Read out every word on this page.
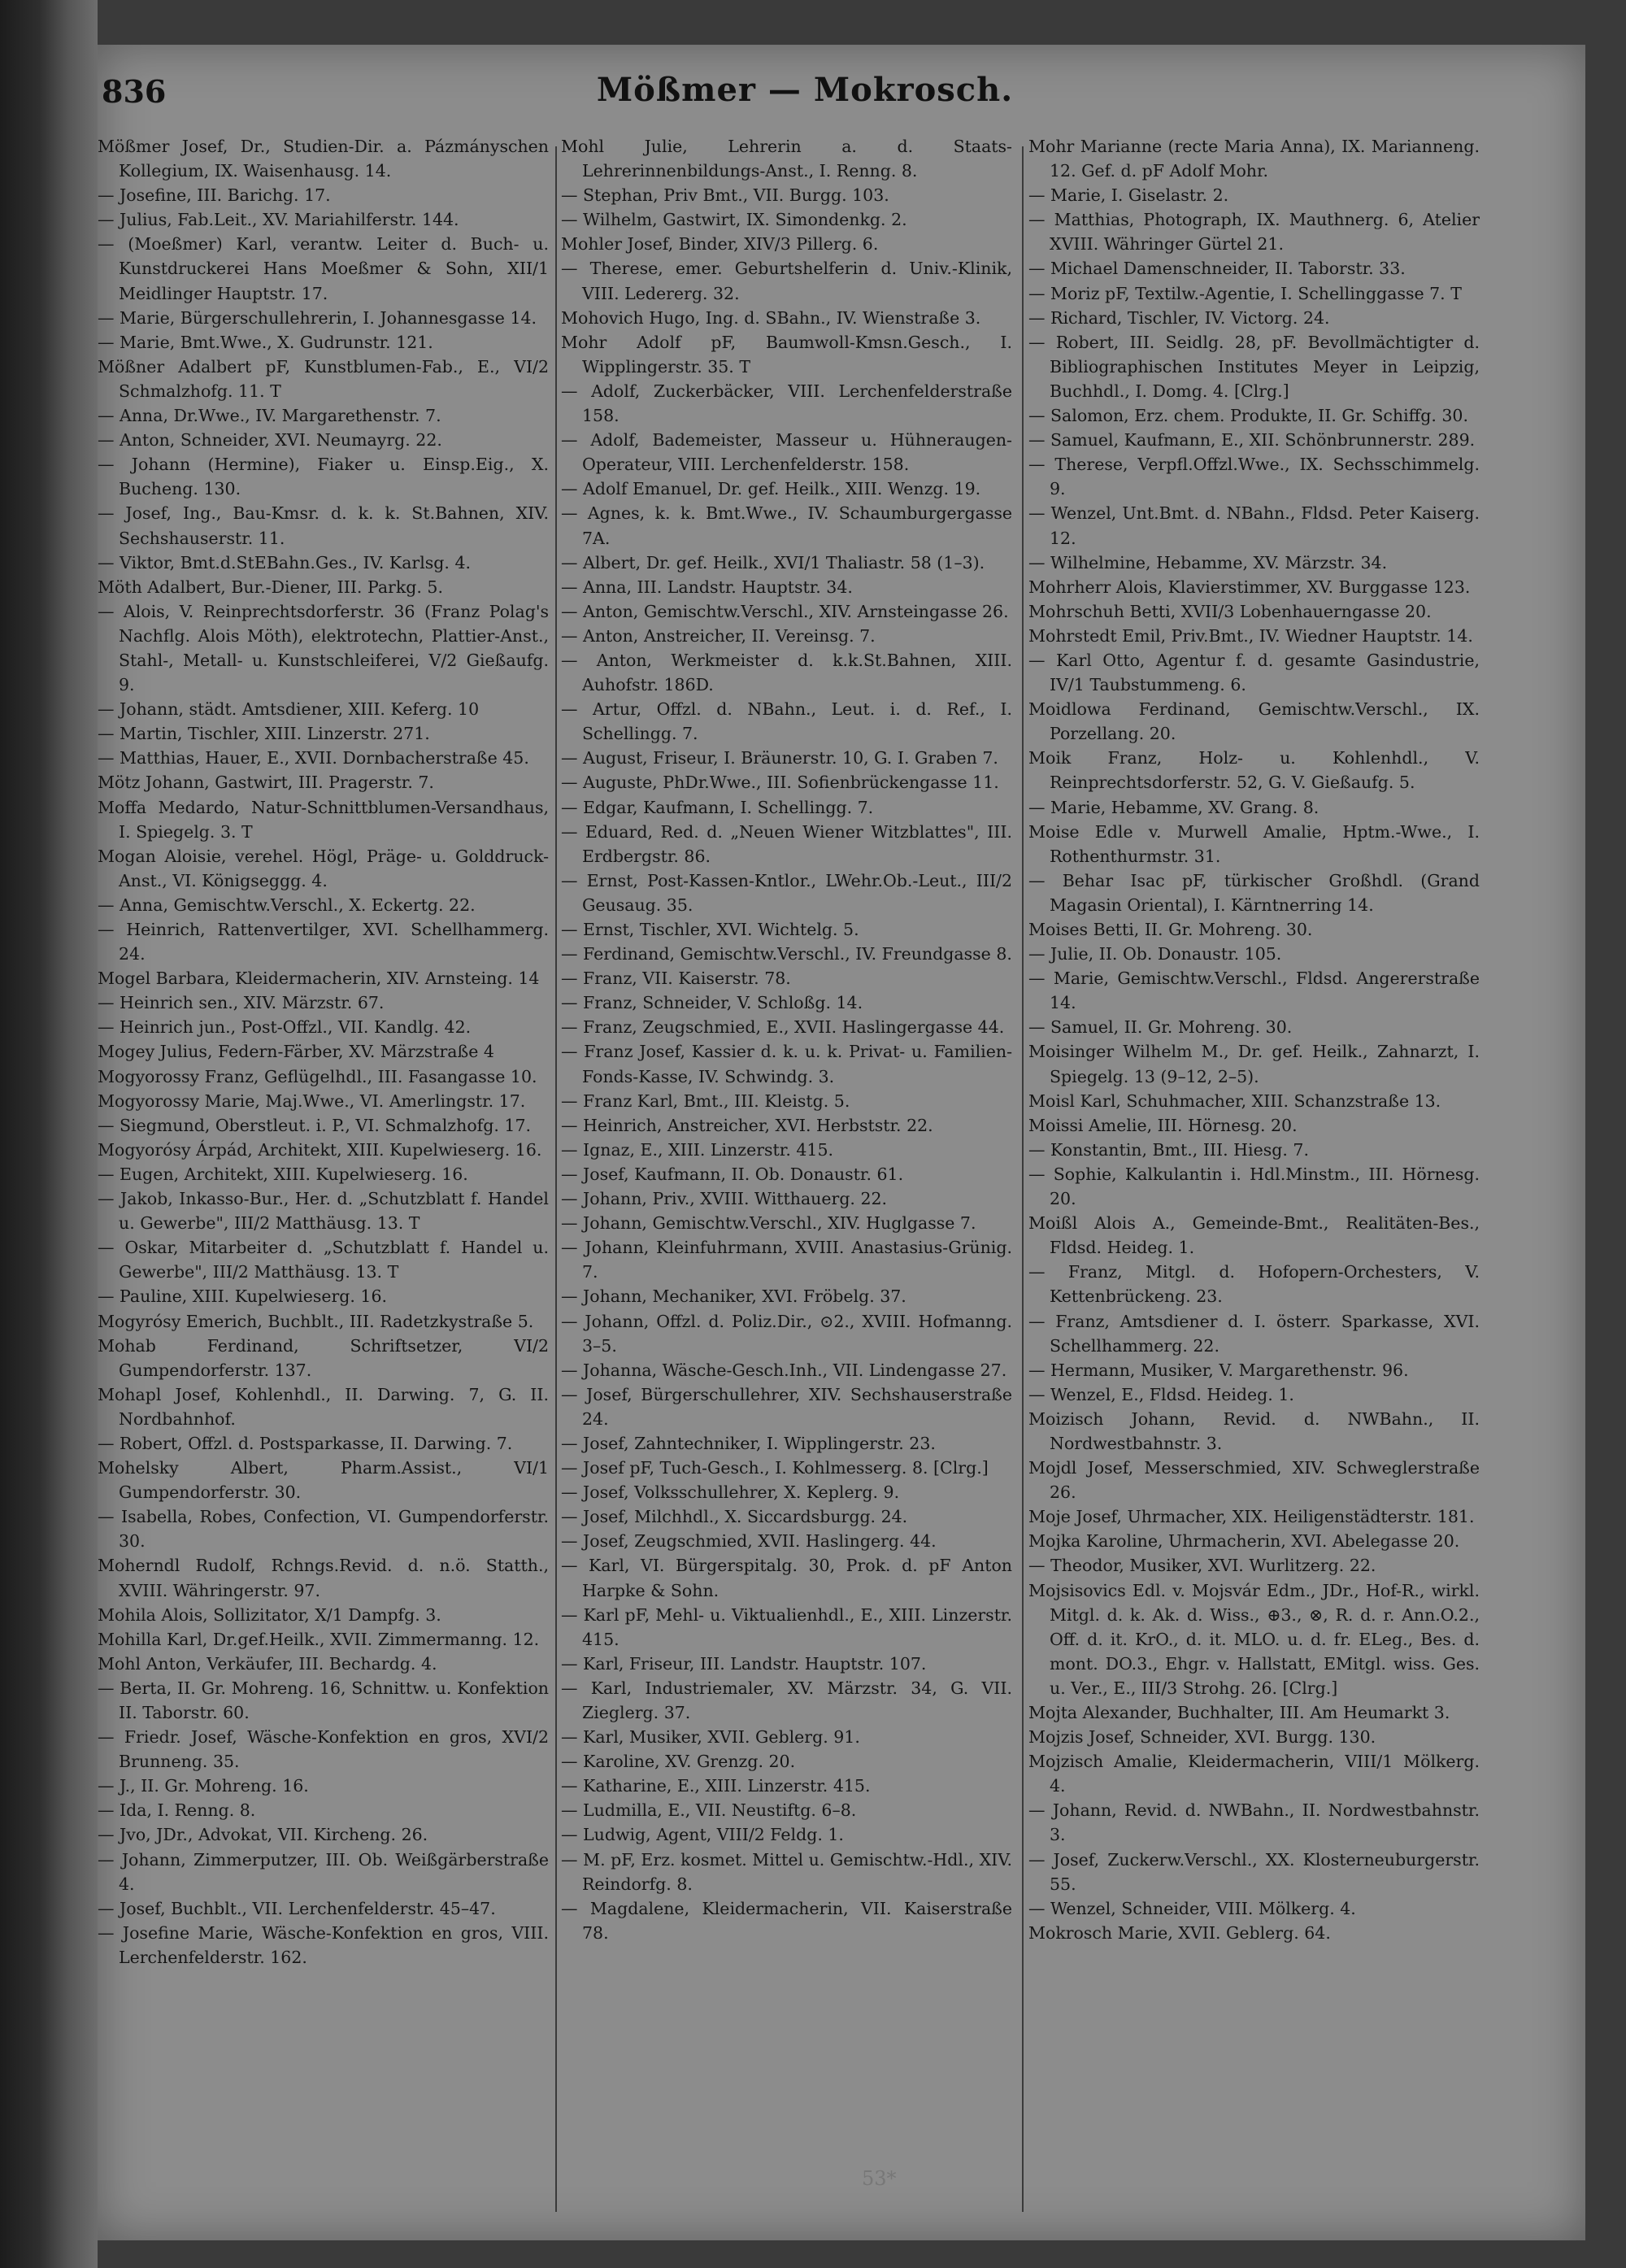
836	Mößmer — Mokrosch.
Mößmer Josef, Dr., Studien-Dir. a. Pázmányschen Kollegium, IX. Waisenhausg. 14.
— Josefine, III. Barichg. 17.
— Julius, Fab.Leit., XV. Mariahilferstr. 144.
— (Moeßmer) Karl, verantw. Leiter d. Buch- u. Kunstdruckerei Hans Moeßmer & Sohn, XII/1 Meidlinger Hauptstr. 17.
— Marie, Bürgerschullehrerin, I. Johannesgasse 14.
— Marie, Bmt.Wwe., X. Gudrunstr. 121.
Mößner Adalbert pF, Kunstblumen-Fab., E., VI/2 Schmalzhofg. 11. T
— Anna, Dr.Wwe., IV. Margarethenstr. 7.
— Anton, Schneider, XVI. Neumayrg. 22.
— Johann (Hermine), Fiaker u. Einsp.Eig., X. Bucheng. 130.
— Josef, Ing., Bau-Kmsr. d. k. k. St.Bahnen, XIV. Sechshauserstr. 11.
— Viktor, Bmt.d.StEBahn.Ges., IV. Karlsg. 4.
Möth Adalbert, Bur.-Diener, III. Parkg. 5.
— Alois, V. Reinprechtsdorferstr. 36 (Franz Polag's Nachflg. Alois Möth), elektrotechn, Plattier-Anst., Stahl-, Metall- u. Kunstschleiferei, V/2 Gießaufg. 9.
— Johann, städt. Amtsdiener, XIII. Keferg. 10
— Martin, Tischler, XIII. Linzerstr. 271.
— Matthias, Hauer, E., XVII. Dornbacherstraße 45.
Mötz Johann, Gastwirt, III. Pragerstr. 7.
Moffa Medardo, Natur-Schnittblumen-Versandhaus, I. Spiegelg. 3. T
Mogan Aloisie, verehel. Högl, Präge- u. Golddruck-Anst., VI. Königseggg. 4.
— Anna, Gemischtw.Verschl., X. Eckertg. 22.
— Heinrich, Rattenvertilger, XVI. Schellhammerg. 24.
Mogel Barbara, Kleidermacherin, XIV. Arnsteing. 14
— Heinrich sen., XIV. Märzstr. 67.
— Heinrich jun., Post-Offzl., VII. Kandlg. 42.
Mogey Julius, Federn-Färber, XV. Märzstraße 4
Mogyorossy Franz, Geflügelhdl., III. Fasangasse 10.
Mogyorossy Marie, Maj.Wwe., VI. Amerlingstr. 17.
— Siegmund, Oberstleut. i. P., VI. Schmalzhofg. 17.
Mogyorósy Árpád, Architekt, XIII. Kupelwieserg. 16.
— Eugen, Architekt, XIII. Kupelwieserg. 16.
— Jakob, Inkasso-Bur., Her. d. „Schutzblatt f. Handel u. Gewerbe", III/2 Matthäusg. 13. T
— Oskar, Mitarbeiter d. „Schutzblatt f. Handel u. Gewerbe", III/2 Matthäusg. 13. T
— Pauline, XIII. Kupelwieserg. 16.
Mogyrósy Emerich, Buchblt., III. Radetzkystraße 5.
Mohab Ferdinand, Schriftsetzer, VI/2 Gumpendorferstr. 137.
Mohapl Josef, Kohlenhdl., II. Darwing. 7, G. II. Nordbahnhof.
— Robert, Offzl. d. Postsparkasse, II. Darwing. 7.
Mohelsky Albert, Pharm.Assist., VI/1 Gumpendorferstr. 30.
— Isabella, Robes, Confection, VI. Gumpendorferstr. 30.
Moherndl Rudolf, Rchngs.Revid. d. n.ö. Statth., XVIII. Währingerstr. 97.
Mohila Alois, Sollizitator, X/1 Dampfg. 3.
Mohilla Karl, Dr.gef.Heilk., XVII. Zimmermanng. 12.
Mohl Anton, Verkäufer, III. Bechardg. 4.
— Berta, II. Gr. Mohreng. 16, Schnittw. u. Konfektion II. Taborstr. 60.
— Friedr. Josef, Wäsche-Konfektion en gros, XVI/2 Brunneng. 35.
— J., II. Gr. Mohreng. 16.
— Ida, I. Renng. 8.
— Jvo, JDr., Advokat, VII. Kircheng. 26.
— Johann, Zimmerputzer, III. Ob. Weißgärberstraße 4.
— Josef, Buchblt., VII. Lerchenfelderstr. 45–47.
— Josefine Marie, Wäsche-Konfektion en gros, VIII. Lerchenfelderstr. 162.
Mohl Julie, Lehrerin a. d. Staats-Lehrerinnenbildungs-Anst., I. Renng. 8.
— Stephan, Priv Bmt., VII. Burgg. 103.
— Wilhelm, Gastwirt, IX. Simondenkg. 2.
Mohler Josef, Binder, XIV/3 Pillerg. 6.
— Therese, emer. Geburtshelferin d. Univ.-Klinik, VIII. Ledererg. 32.
Mohovich Hugo, Ing. d. SBahn., IV. Wienstraße 3.
Mohr Adolf pF, Baumwoll-Kmsn.Gesch., I. Wipplingerstr. 35. T
— Adolf, Zuckerbäcker, VIII. Lerchenfelderstraße 158.
— Adolf, Bademeister, Masseur u. Hühneraugen-Operateur, VIII. Lerchenfelderstr. 158.
— Adolf Emanuel, Dr. gef. Heilk., XIII. Wenzg. 19.
— Agnes, k. k. Bmt.Wwe., IV. Schaumburgergasse 7A.
— Albert, Dr. gef. Heilk., XVI/1 Thaliastr. 58 (1–3).
— Anna, III. Landstr. Hauptstr. 34.
— Anton, Gemischtw.Verschl., XIV. Arnsteingasse 26.
— Anton, Anstreicher, II. Vereinsg. 7.
— Anton, Werkmeister d. k.k.St.Bahnen, XIII. Auhofstr. 186D.
— Artur, Offzl. d. NBahn., Leut. i. d. Ref., I. Schellingg. 7.
— August, Friseur, I. Bräunerstr. 10, G. I. Graben 7.
— Auguste, PhDr.Wwe., III. Sofienbrückengasse 11.
— Edgar, Kaufmann, I. Schellingg. 7.
— Eduard, Red. d. „Neuen Wiener Witzblattes", III. Erdbergstr. 86.
— Ernst, Post-Kassen-Kntlor., LWehr.Ob.-Leut., III/2 Geusaug. 35.
— Ernst, Tischler, XVI. Wichtelg. 5.
— Ferdinand, Gemischtw.Verschl., IV. Freundgasse 8.
— Franz, VII. Kaiserstr. 78.
— Franz, Schneider, V. Schloßg. 14.
— Franz, Zeugschmied, E., XVII. Haslingergasse 44.
— Franz Josef, Kassier d. k. u. k. Privat- u. Familien-Fonds-Kasse, IV. Schwindg. 3.
— Franz Karl, Bmt., III. Kleistg. 5.
— Heinrich, Anstreicher, XVI. Herbststr. 22.
— Ignaz, E., XIII. Linzerstr. 415.
— Josef, Kaufmann, II. Ob. Donaustr. 61.
— Johann, Priv., XVIII. Witthauerg. 22.
— Johann, Gemischtw.Verschl., XIV. Huglgasse 7.
— Johann, Kleinfuhrmann, XVIII. Anastasius-Grünig. 7.
— Johann, Mechaniker, XVI. Fröbelg. 37.
— Johann, Offzl. d. Poliz.Dir., ⊙2., XVIII. Hofmanng. 3–5.
— Johanna, Wäsche-Gesch.Inh., VII. Lindengasse 27.
— Josef, Bürgerschullehrer, XIV. Sechshauserstraße 24.
— Josef, Zahntechniker, I. Wipplingerstr. 23.
— Josef pF, Tuch-Gesch., I. Kohlmesserg. 8. [Clrg.]
— Josef, Volksschullehrer, X. Keplerg. 9.
— Josef, Milchhdl., X. Siccardsburgg. 24.
— Josef, Zeugschmied, XVII. Haslingerg. 44.
— Karl, VI. Bürgerspitalg. 30, Prok. d. pF Anton Harpke & Sohn.
— Karl pF, Mehl- u. Viktualienhdl., E., XIII. Linzerstr. 415.
— Karl, Friseur, III. Landstr. Hauptstr. 107.
— Karl, Industriemaler, XV. Märzstr. 34, G. VII. Zieglerg. 37.
— Karl, Musiker, XVII. Geblerg. 91.
— Karoline, XV. Grenzg. 20.
— Katharine, E., XIII. Linzerstr. 415.
— Ludmilla, E., VII. Neustiftg. 6–8.
— Ludwig, Agent, VIII/2 Feldg. 1.
— M. pF, Erz. kosmet. Mittel u. Gemischtw.-Hdl., XIV. Reindorfg. 8.
— Magdalene, Kleidermacherin, VII. Kaiserstraße 78.
Mohr Marianne (recte Maria Anna), IX. Marianneng. 12. Gef. d. pF Adolf Mohr.
— Marie, I. Giselastr. 2.
— Matthias, Photograph, IX. Mauthnerg. 6, Atelier XVIII. Währinger Gürtel 21.
— Michael Damenschneider, II. Taborstr. 33.
— Moriz pF, Textilw.-Agentie, I. Schellinggasse 7. T
— Richard, Tischler, IV. Victorg. 24.
— Robert, III. Seidlg. 28, pF. Bevollmächtigter d. Bibliographischen Institutes Meyer in Leipzig, Buchhdl., I. Domg. 4. [Clrg.]
— Salomon, Erz. chem. Produkte, II. Gr. Schiffg. 30.
— Samuel, Kaufmann, E., XII. Schönbrunnerstr. 289.
— Therese, Verpfl.Offzl.Wwe., IX. Sechsschimmelg. 9.
— Wenzel, Unt.Bmt. d. NBahn., Fldsd. Peter Kaiserg. 12.
— Wilhelmine, Hebamme, XV. Märzstr. 34.
Mohrherr Alois, Klavierstimmer, XV. Burggasse 123.
Mohrschuh Betti, XVII/3 Lobenhauerngasse 20.
Mohrstedt Emil, Priv.Bmt., IV. Wiedner Hauptstr. 14.
— Karl Otto, Agentur f. d. gesamte Gasindustrie, IV/1 Taubstummeng. 6.
Moidlowa Ferdinand, Gemischtw.Verschl., IX. Porzellang. 20.
Moik Franz, Holz- u. Kohlenhdl., V. Reinprechtsdorferstr. 52, G. V. Gießaufg. 5.
— Marie, Hebamme, XV. Grang. 8.
Moise Edle v. Murwell Amalie, Hptm.-Wwe., I. Rothenthurmstr. 31.
— Behar Isac pF, türkischer Großhdl. (Grand Magasin Oriental), I. Kärntnerring 14.
Moises Betti, II. Gr. Mohreng. 30.
— Julie, II. Ob. Donaustr. 105.
— Marie, Gemischtw.Verschl., Fldsd. Angererstraße 14.
— Samuel, II. Gr. Mohreng. 30.
Moisinger Wilhelm M., Dr. gef. Heilk., Zahnarzt, I. Spiegelg. 13 (9–12, 2–5).
Moisl Karl, Schuhmacher, XIII. Schanzstraße 13.
Moissi Amelie, III. Hörnesg. 20.
— Konstantin, Bmt., III. Hiesg. 7.
— Sophie, Kalkulantin i. Hdl.Minstm., III. Hörnesg. 20.
Moißl Alois A., Gemeinde-Bmt., Realitäten-Bes., Fldsd. Heideg. 1.
— Franz, Mitgl. d. Hofopern-Orchesters, V. Kettenbrückeng. 23.
— Franz, Amtsdiener d. I. österr. Sparkasse, XVI. Schellhammerg. 22.
— Hermann, Musiker, V. Margarethenstr. 96.
— Wenzel, E., Fldsd. Heideg. 1.
Moizisch Johann, Revid. d. NWBahn., II. Nordwestbahnstr. 3.
Mojdl Josef, Messerschmied, XIV. Schweglerstraße 26.
Moje Josef, Uhrmacher, XIX. Heiligenstädterstr. 181.
Mojka Karoline, Uhrmacherin, XVI. Abelegasse 20.
— Theodor, Musiker, XVI. Wurlitzerg. 22.
Mojsisovics Edl. v. Mojsvár Edm., JDr., Hof-R., wirkl. Mitgl. d. k. Ak. d. Wiss., ⊕3., ⊗, R. d. r. Ann.O.2., Off. d. it. KrO., d. it. MLO. u. d. fr. ELeg., Bes. d. mont. DO.3., Ehgr. v. Hallstatt, EMitgl. wiss. Ges. u. Ver., E., III/3 Strohg. 26. [Clrg.]
Mojta Alexander, Buchhalter, III. Am Heumarkt 3.
Mojzis Josef, Schneider, XVI. Burgg. 130.
Mojzisch Amalie, Kleidermacherin, VIII/1 Mölkerg. 4.
— Johann, Revid. d. NWBahn., II. Nordwestbahnstr. 3.
— Josef, Zuckerw.Verschl., XX. Klosterneuburgerstr. 55.
— Wenzel, Schneider, VIII. Mölkerg. 4.
Mokrosch Marie, XVII. Geblerg. 64.
53*
